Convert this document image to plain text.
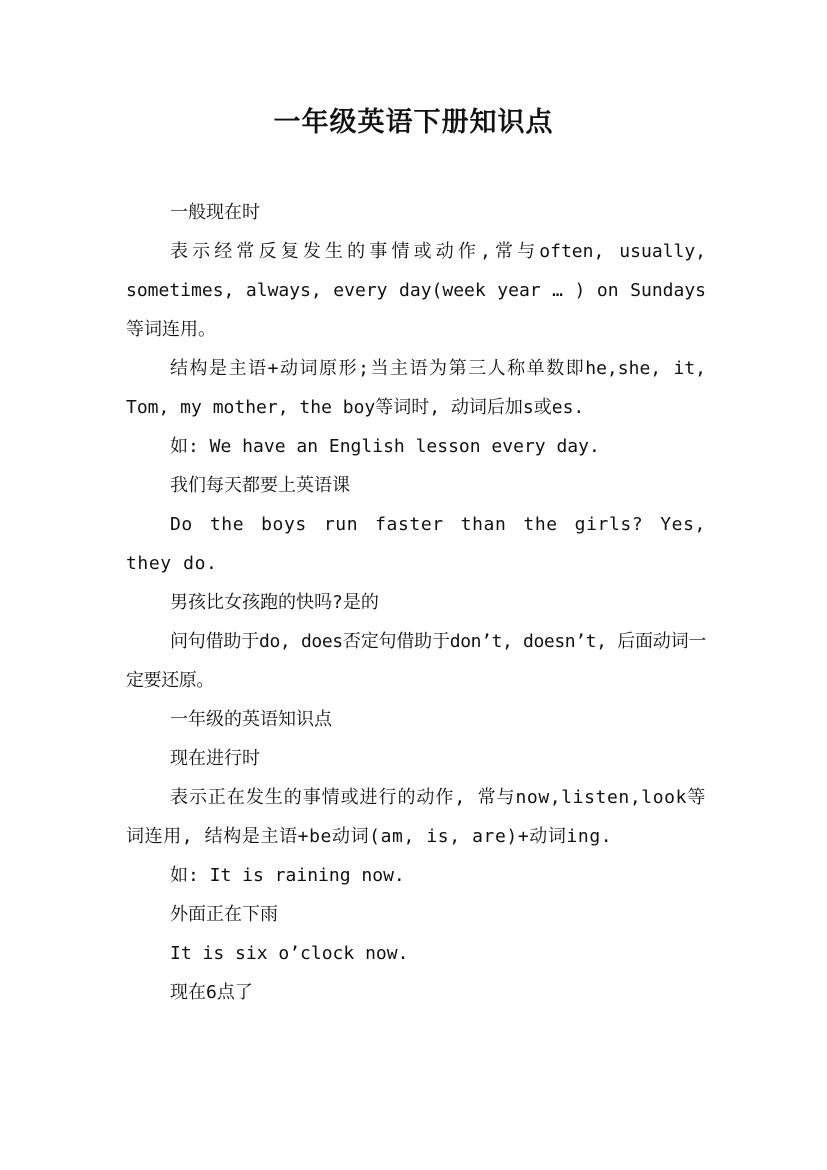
一年级英语下册知识点

一般现在时

表示经常反复发生的事情或动作,常与often, usually, sometimes, always, every day(week year … ) on Sundays等词连用。

结构是主语+动词原形;当主语为第三人称单数即he,she, it, Tom, my mother, the boy等词时, 动词后加s或es.

如: We have an English lesson every day.

我们每天都要上英语课

Do the boys run faster than the girls? Yes, they do.

男孩比女孩跑的快吗?是的

问句借助于do, does否定句借助于don’t, doesn’t, 后面动词一定要还原。

一年级的英语知识点

现在进行时

表示正在发生的事情或进行的动作, 常与now,listen,look等词连用, 结构是主语+be动词(am, is, are)+动词ing.

如: It is raining now.

外面正在下雨

It is six o’clock now.

现在6点了
